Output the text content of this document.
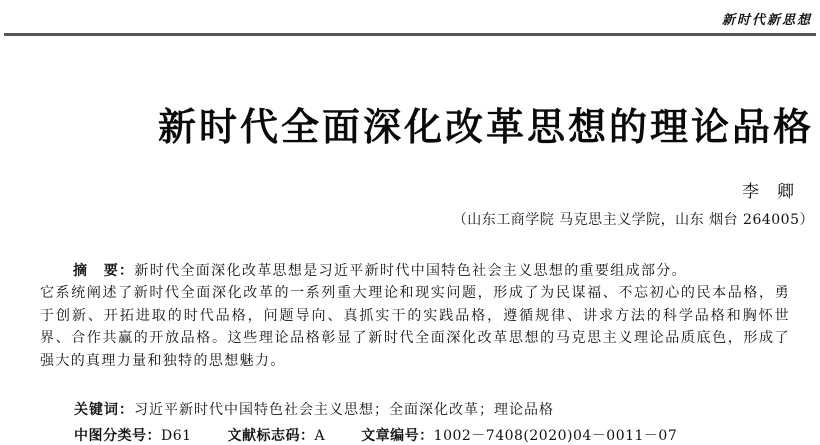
新时代新思想
新时代全面深化改革思想的理论品格
李卿
（山东工商学院 马克思主义学院，山东 烟台 264005）
摘　要：新时代全面深化改革思想是习近平新时代中国特色社会主义思想的重要组成部分。
它系统阐述了新时代全面深化改革的一系列重大理论和现实问题，形成了为民谋福、不忘初心的民本品格，勇于创新、开拓进取的时代品格，问题导向、真抓实干的实践品格，遵循规律、讲求方法的科学品格和胸怀世界、合作共赢的开放品格。这些理论品格彰显了新时代全面深化改革思想的马克思主义理论品质底色，形成了强大的真理力量和独特的思想魅力。
关键词：习近平新时代中国特色社会主义思想；全面深化改革；理论品格
中图分类号：D61	文献标志码：A	文章编号：1002－7408(2020)04－0011－07
